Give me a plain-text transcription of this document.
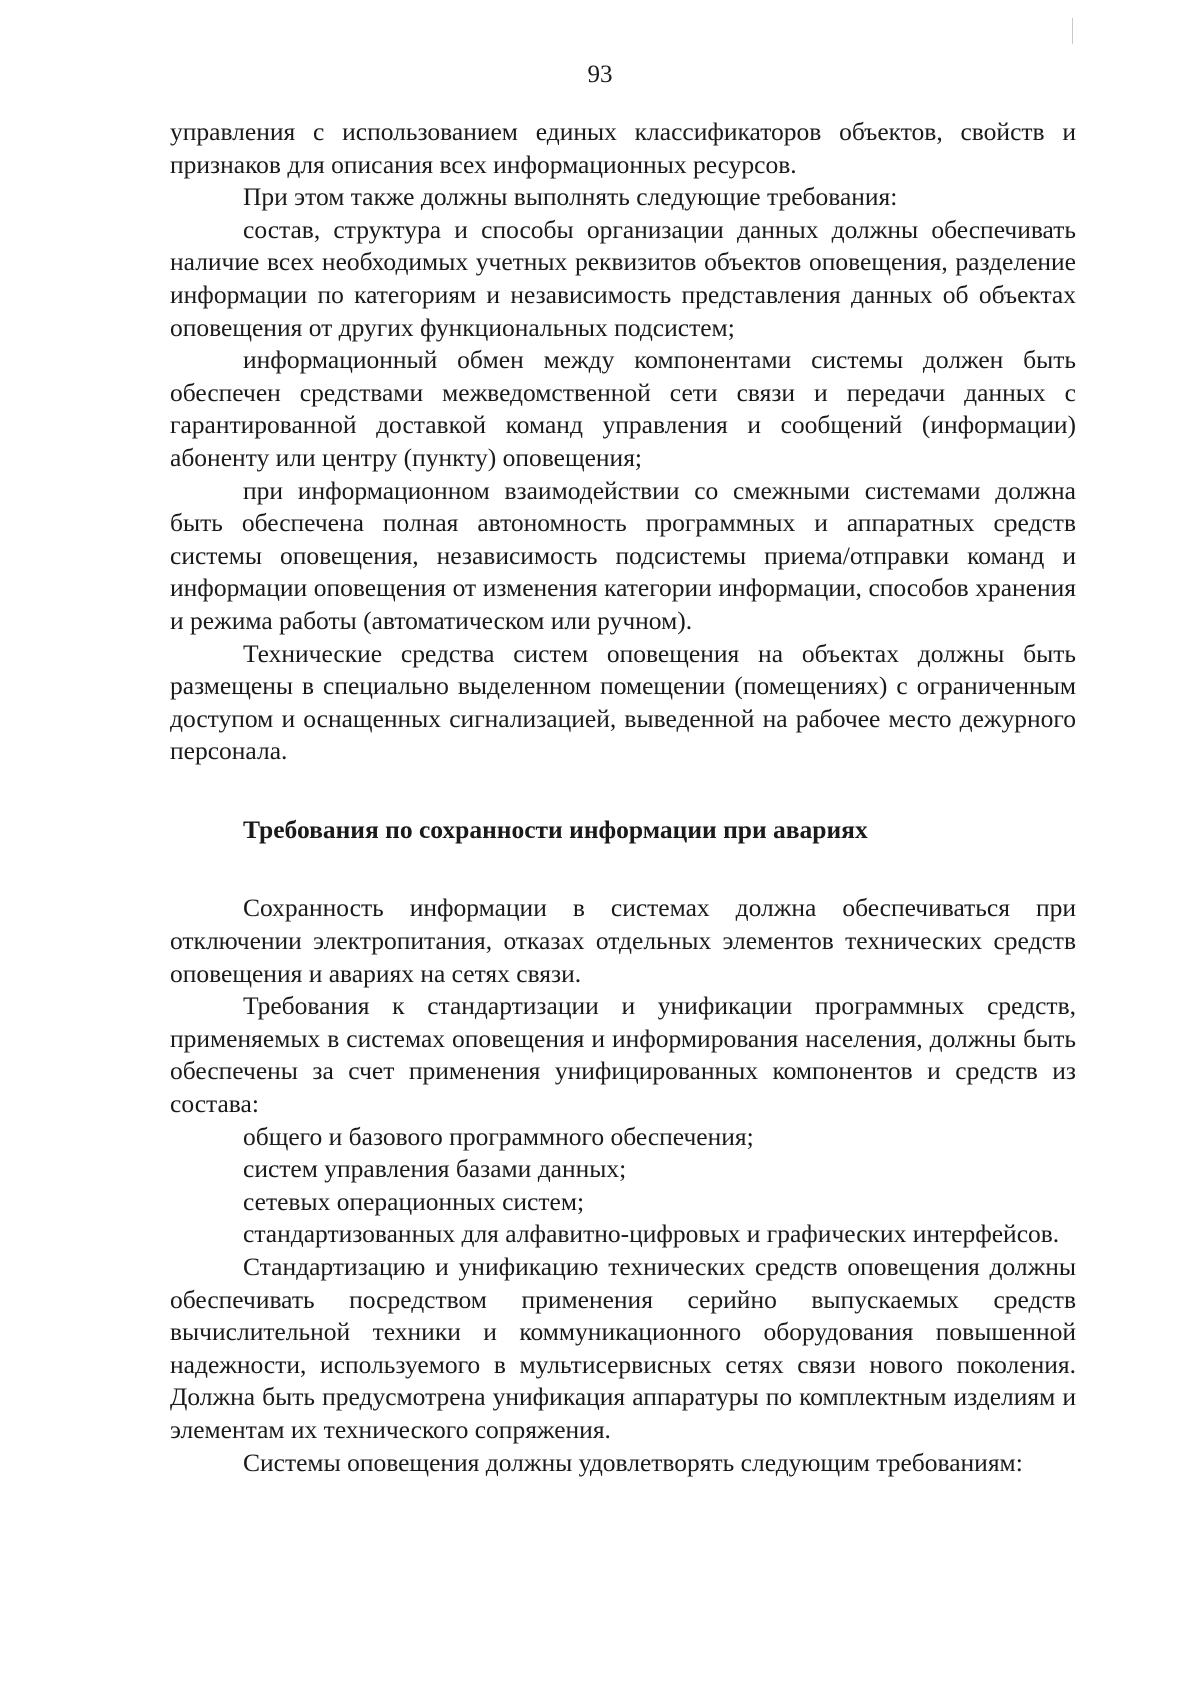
93

управления с использованием единых классификаторов объектов, свойств и признаков для описания всех информационных ресурсов.

При этом также должны выполнять следующие требования:

состав, структура и способы организации данных должны обеспечивать наличие всех необходимых учетных реквизитов объектов оповещения, разделение информации по категориям и независимость представления данных об объектах оповещения от других функциональных подсистем;

информационный обмен между компонентами системы должен быть обеспечен средствами межведомственной сети связи и передачи данных с гарантированной доставкой команд управления и сообщений (информации) абоненту или центру (пункту) оповещения;

при информационном взаимодействии со смежными системами должна быть обеспечена полная автономность программных и аппаратных средств системы оповещения, независимость подсистемы приема/отправки команд и информации оповещения от изменения категории информации, способов хранения и режима работы (автоматическом или ручном).

Технические средства систем оповещения на объектах должны быть размещены в специально выделенном помещении (помещениях) с ограниченным доступом и оснащенных сигнализацией, выведенной на рабочее место дежурного персонала.

Требования по сохранности информации при авариях

Сохранность информации в системах должна обеспечиваться при отключении электропитания, отказах отдельных элементов технических средств оповещения и авариях на сетях связи.

Требования к стандартизации и унификации программных средств, применяемых в системах оповещения и информирования населения, должны быть обеспечены за счет применения унифицированных компонентов и средств из состава:

общего и базового программного обеспечения;

систем управления базами данных;

сетевых операционных систем;

стандартизованных для алфавитно-цифровых и графических интерфейсов.

Стандартизацию и унификацию технических средств оповещения должны обеспечивать посредством применения серийно выпускаемых средств вычислительной техники и коммуникационного оборудования повышенной надежности, используемого в мультисервисных сетях связи нового поколения. Должна быть предусмотрена унификация аппаратуры по комплектным изделиям и элементам их технического сопряжения.

Системы оповещения должны удовлетворять следующим требованиям:
